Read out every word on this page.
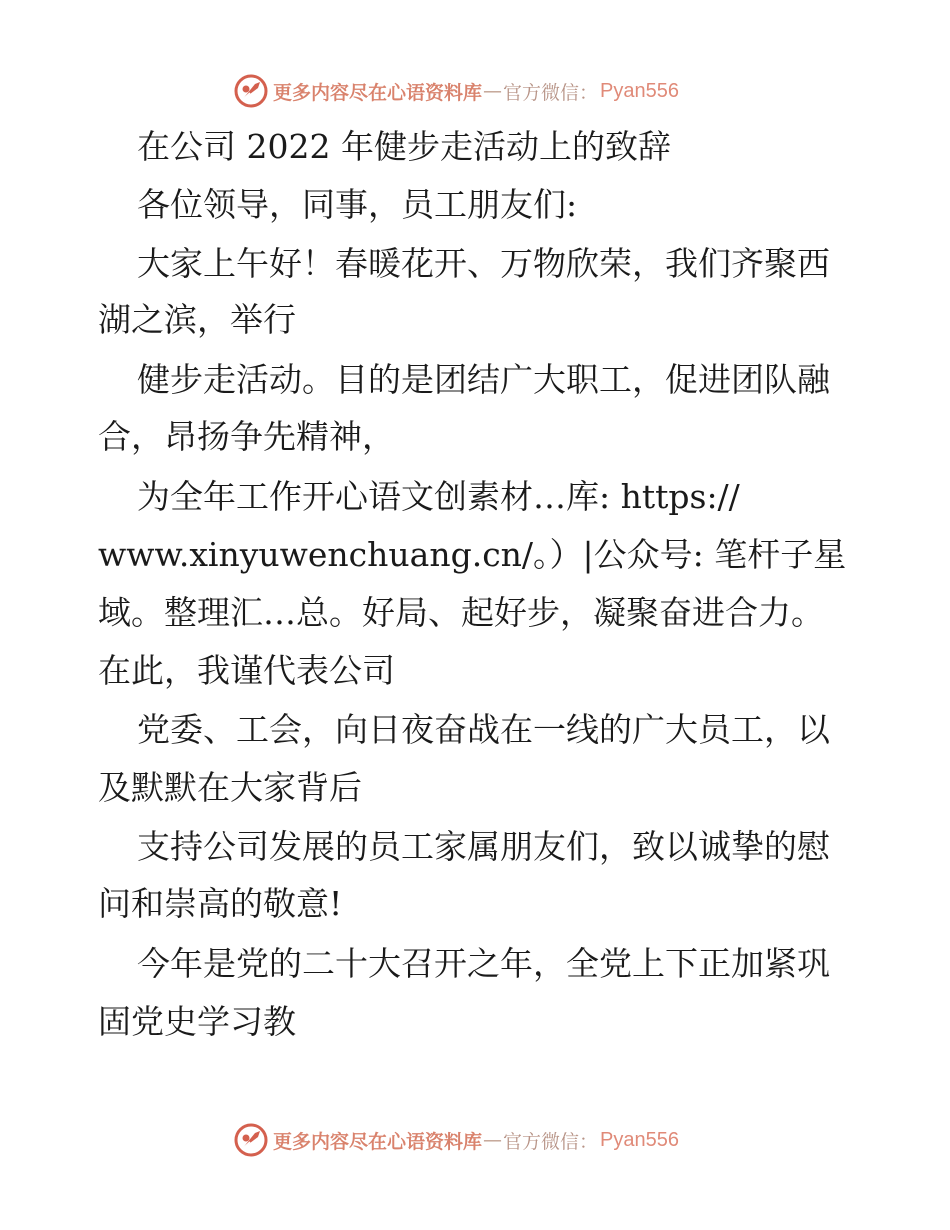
更多内容尽在心语资料库 — 官方微信： Pyan556
在公司 2022 年健步走活动上的致辞
各位领导，同事，员工朋友们:
大家上午好！春暖花开、万物欣荣，我们齐聚西
湖之滨，举行
健步走活动。目的是团结广大职工，促进团队融
合，昂扬争先精神，
为全年工作开心语文创素材…库: https://
www.xinyuwenchuang.cn/。）|公众号: 笔杆子星
域。整理汇…总。好局、起好步，凝聚奋进合力。
在此，我谨代表公司
党委、工会，向日夜奋战在一线的广大员工，以
及默默在大家背后
支持公司发展的员工家属朋友们，致以诚挚的慰
问和崇高的敬意!
今年是党的二十大召开之年，全党上下正加紧巩
固党史学习教
更多内容尽在心语资料库 — 官方微信： Pyan556
